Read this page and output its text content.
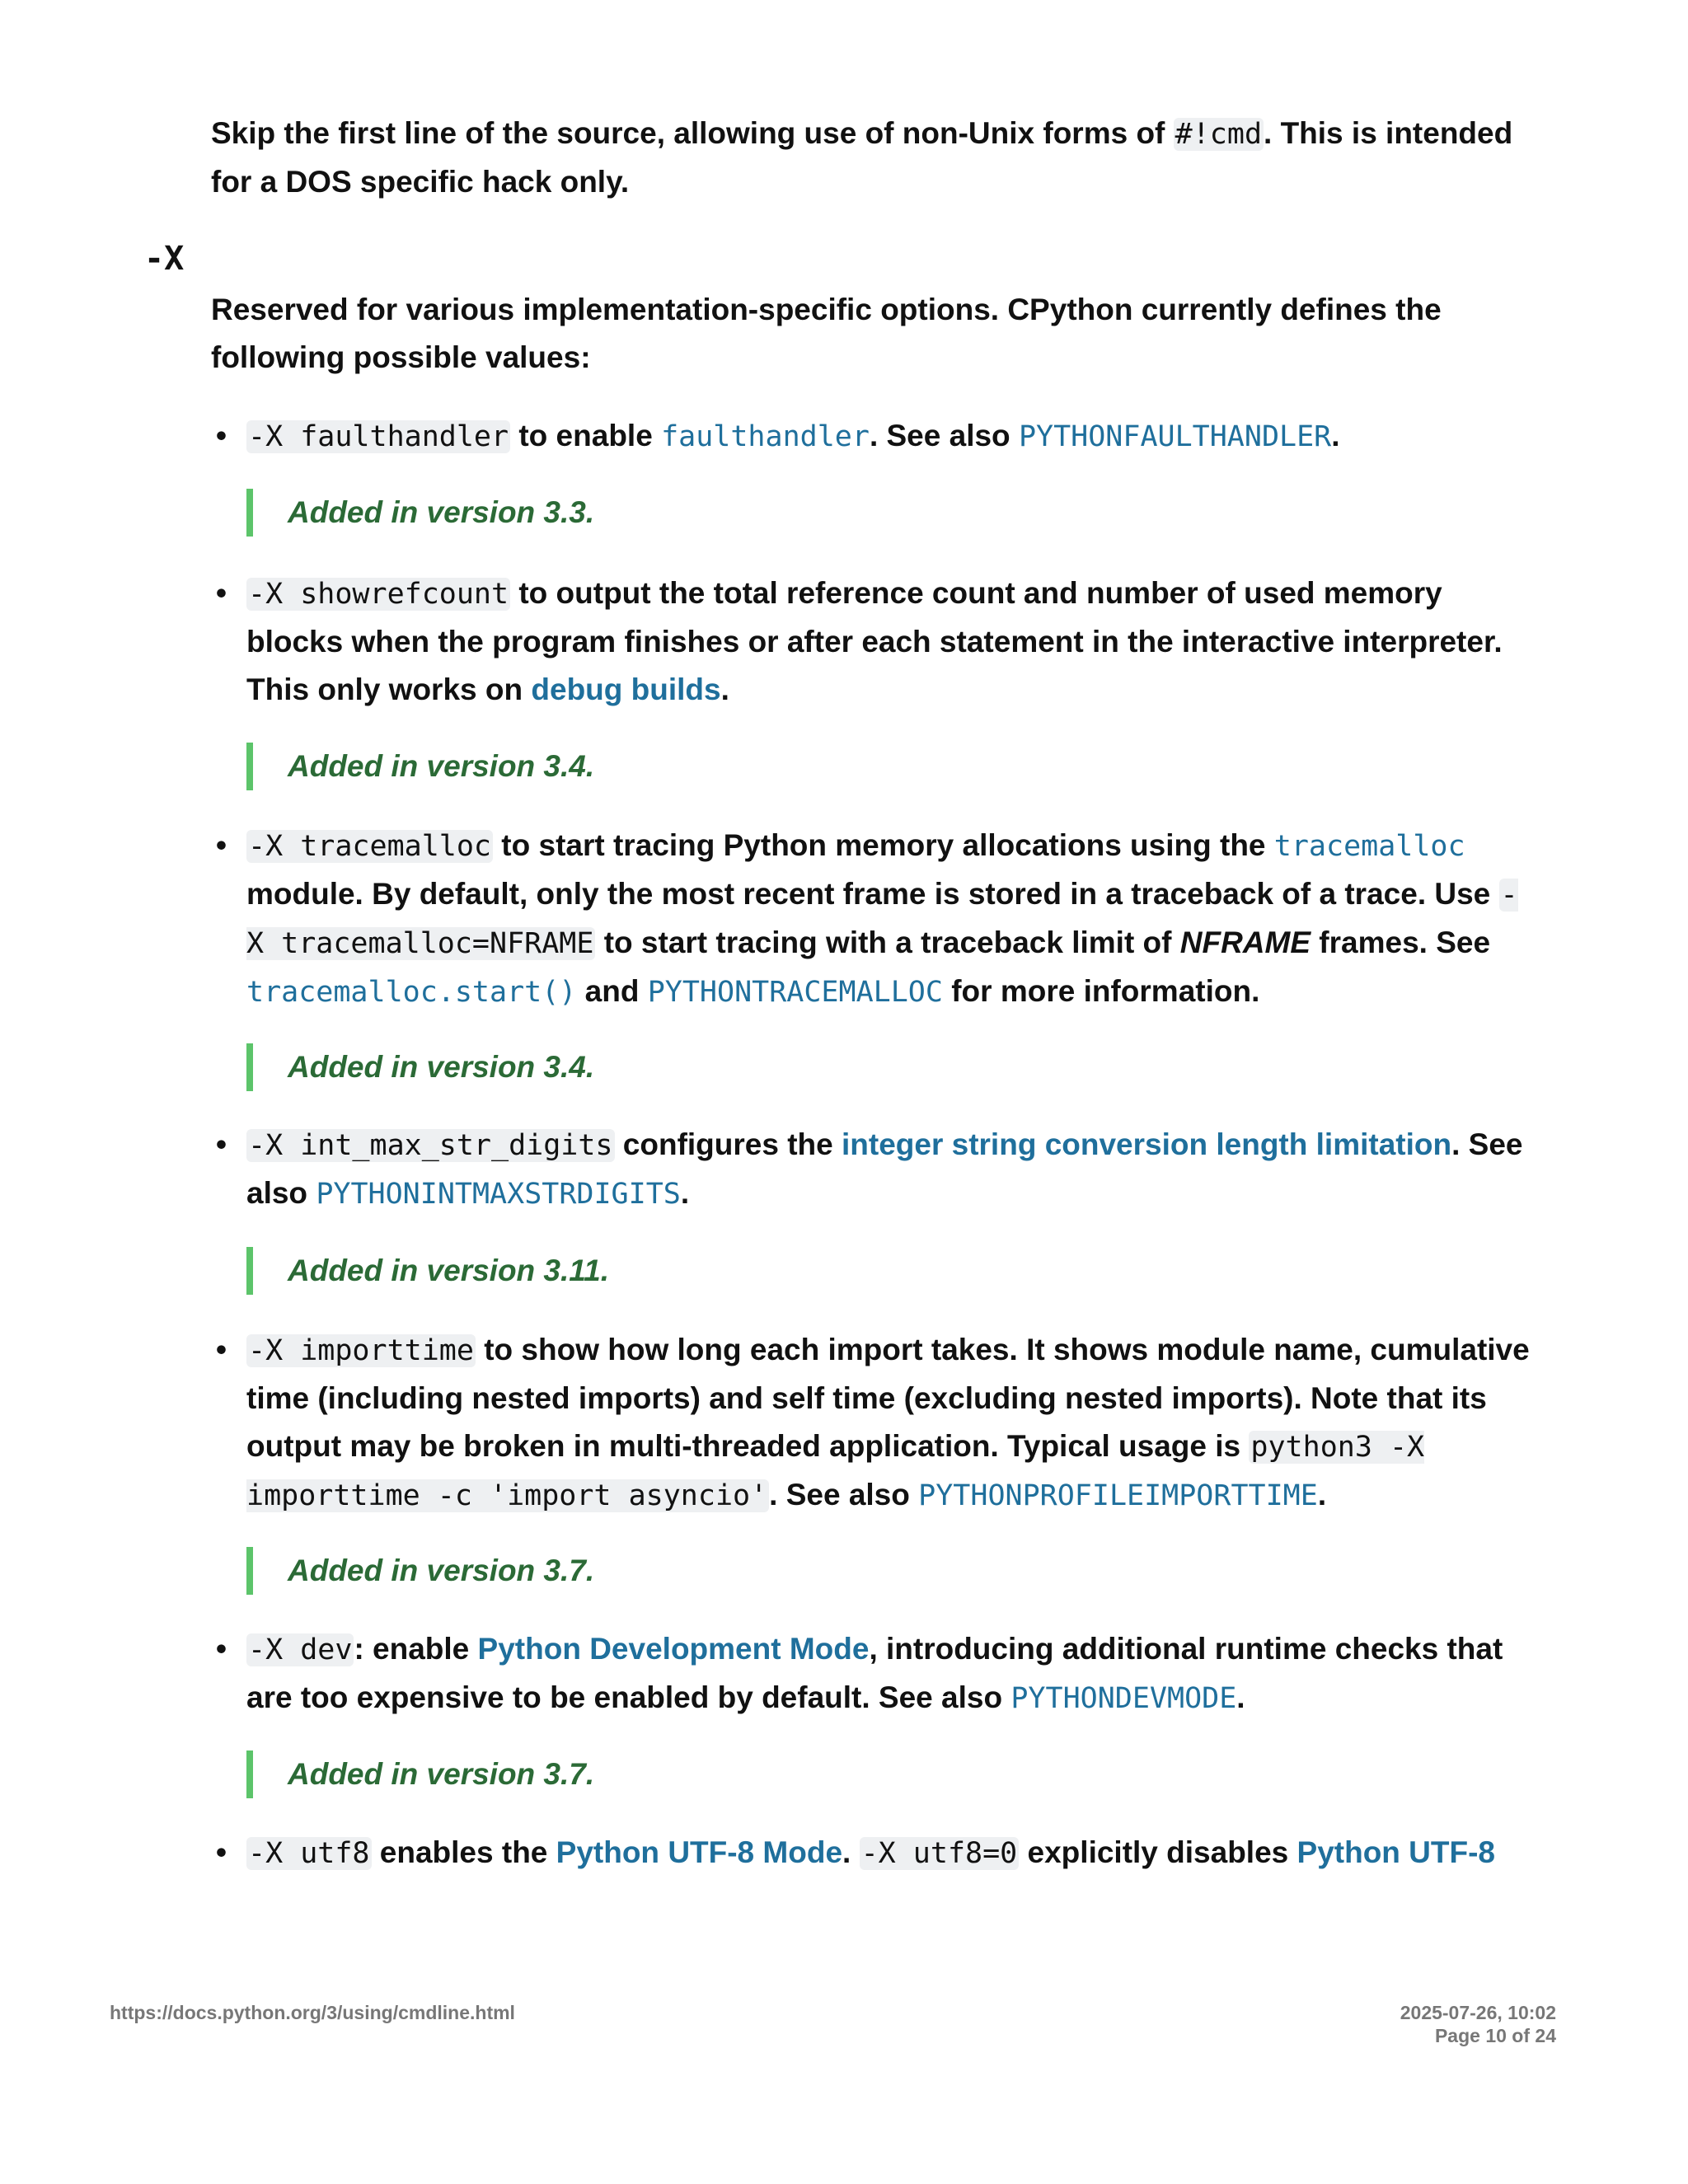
Skip the first line of the source, allowing use of non-Unix forms of #!cmd. This is intended for a DOS specific hack only.

-X

Reserved for various implementation-specific options. CPython currently defines the following possible values:

• -X faulthandler to enable faulthandler. See also PYTHONFAULTHANDLER.

Added in version 3.3.

• -X showrefcount to output the total reference count and number of used memory blocks when the program finishes or after each statement in the interactive interpreter. This only works on debug builds.

Added in version 3.4.

• -X tracemalloc to start tracing Python memory allocations using the tracemalloc module. By default, only the most recent frame is stored in a traceback of a trace. Use -X tracemalloc=NFRAME to start tracing with a traceback limit of NFRAME frames. See tracemalloc.start() and PYTHONTRACEMALLOC for more information.

Added in version 3.4.

• -X int_max_str_digits configures the integer string conversion length limitation. See also PYTHONINTMAXSTRDIGITS.

Added in version 3.11.

• -X importtime to show how long each import takes. It shows module name, cumulative time (including nested imports) and self time (excluding nested imports). Note that its output may be broken in multi-threaded application. Typical usage is python3 -X importtime -c 'import asyncio'. See also PYTHONPROFILEIMPORTTIME.

Added in version 3.7.

• -X dev: enable Python Development Mode, introducing additional runtime checks that are too expensive to be enabled by default. See also PYTHONDEVMODE.

Added in version 3.7.

• -X utf8 enables the Python UTF-8 Mode. -X utf8=0 explicitly disables Python UTF-8

https://docs.python.org/3/using/cmdline.html	2025-07-26, 10:02
Page 10 of 24
